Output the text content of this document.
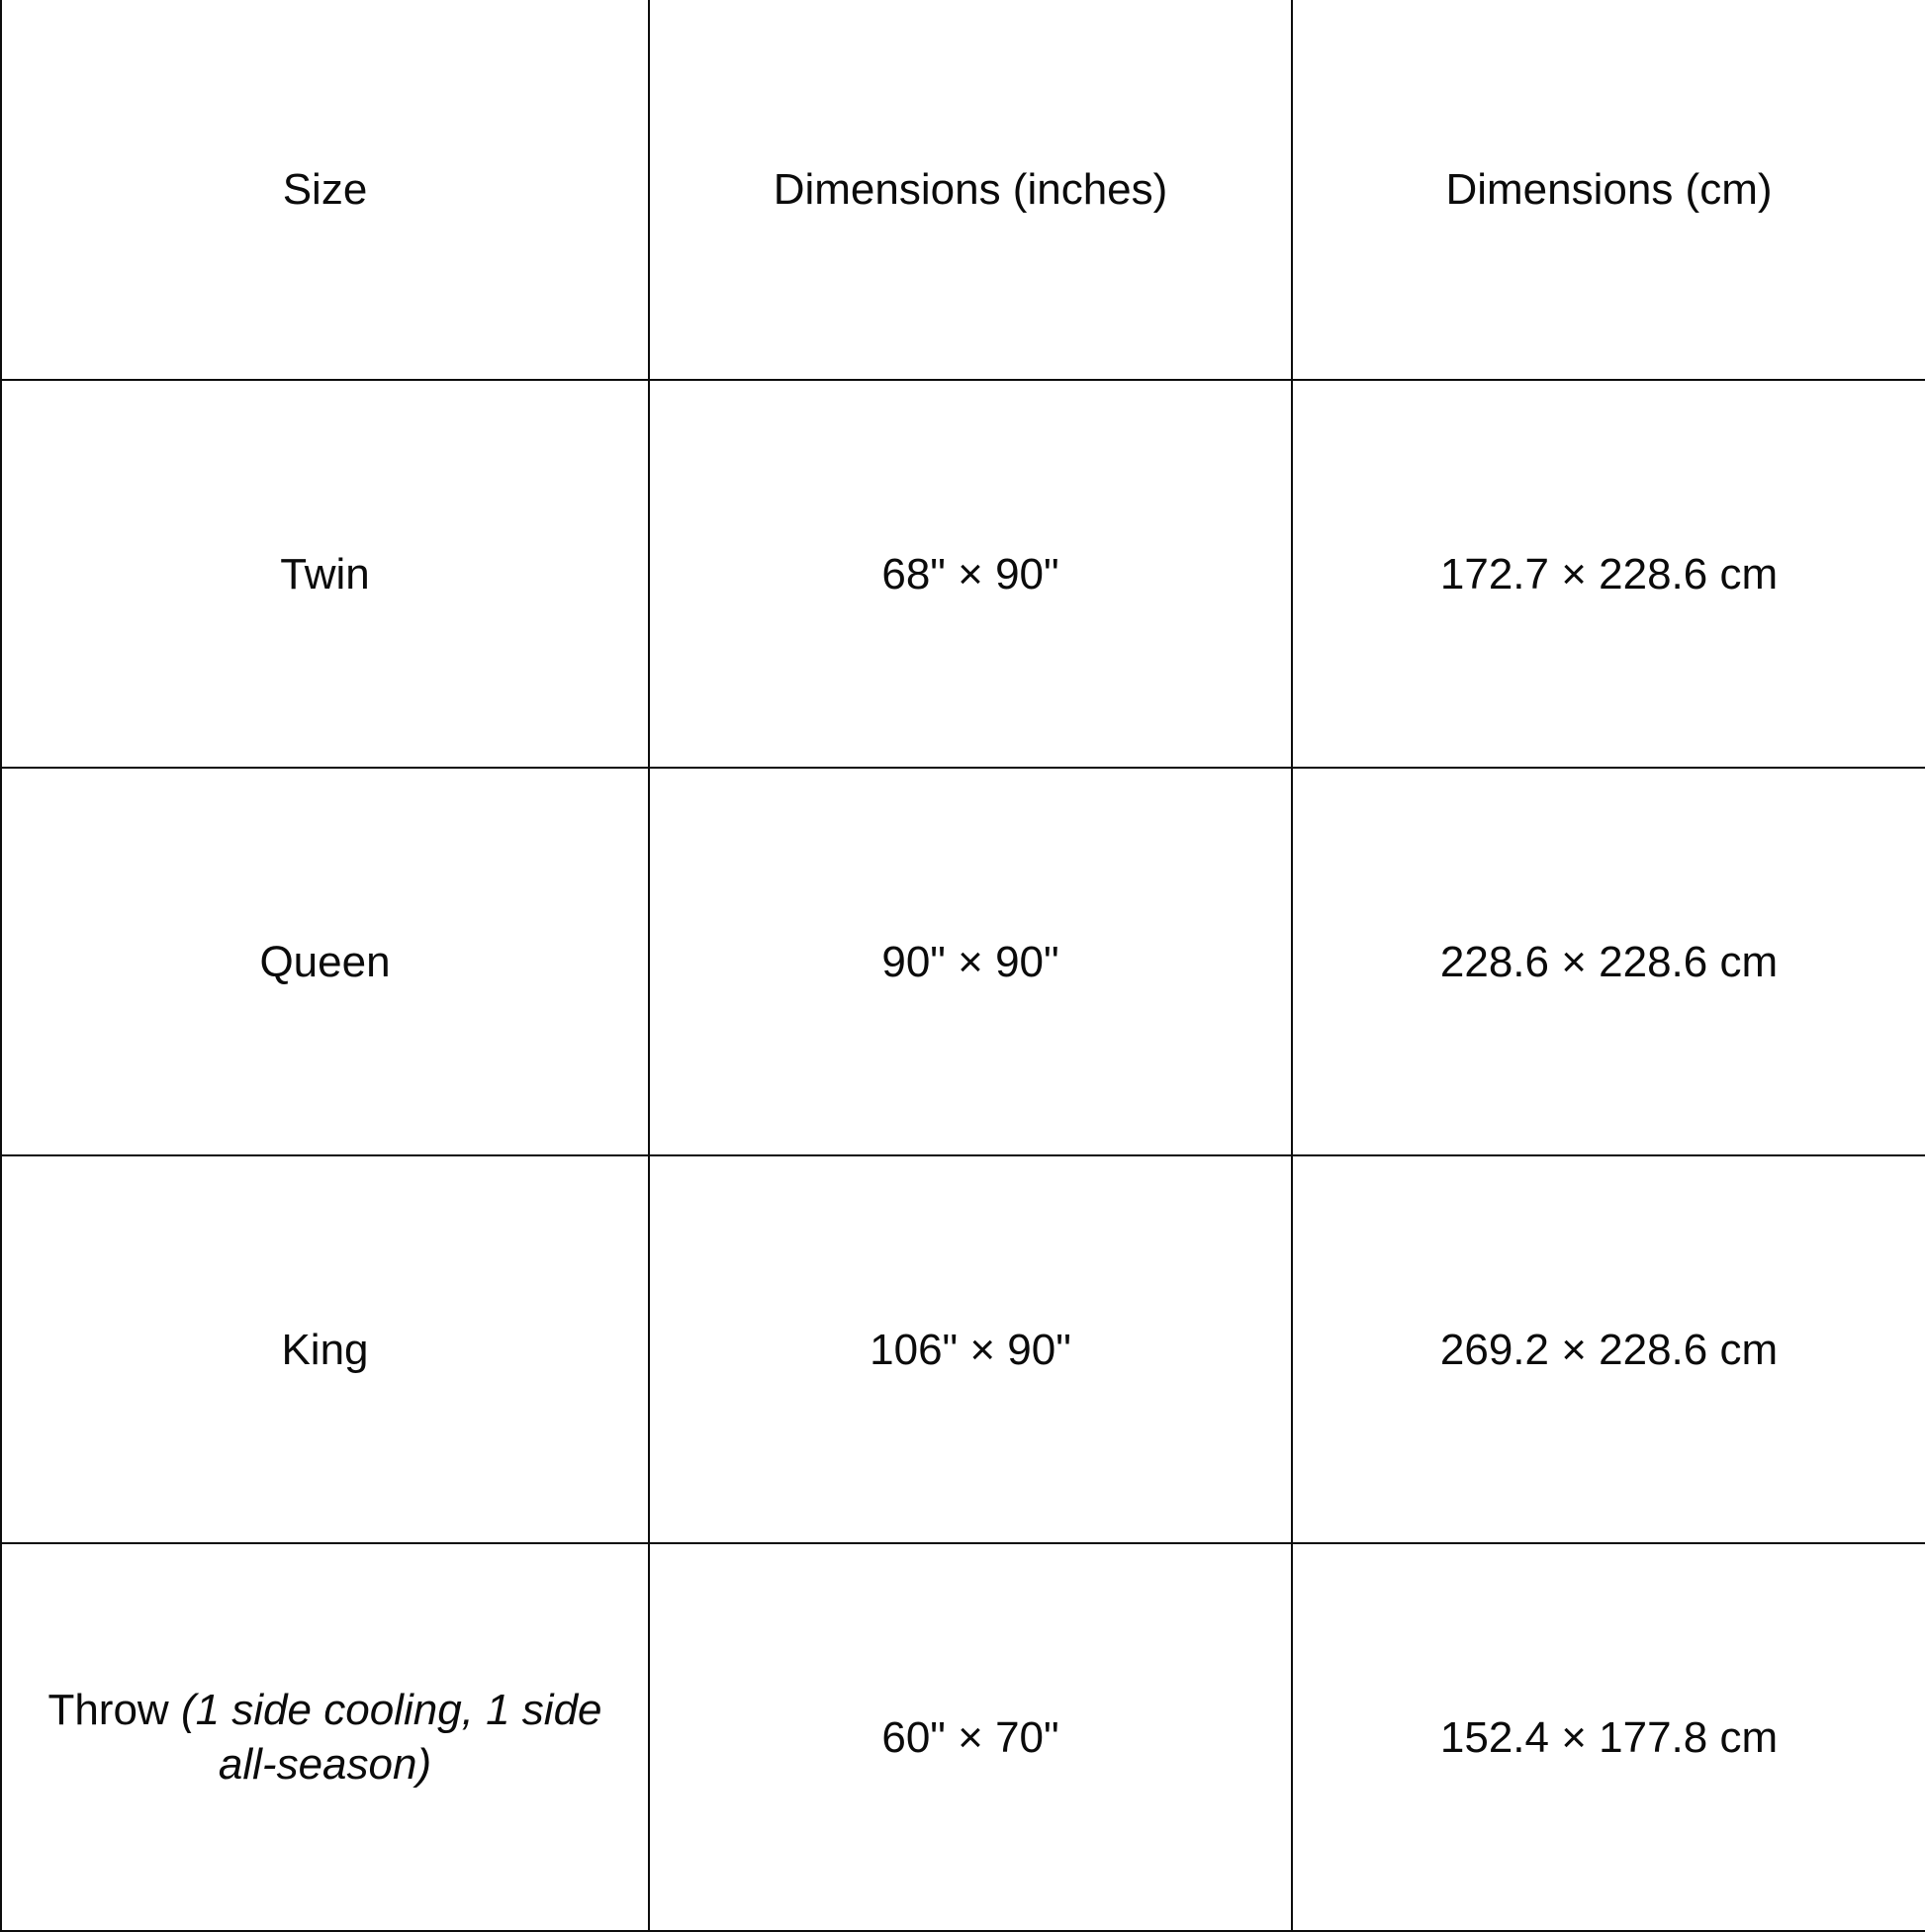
Size	Dimensions (inches)	Dimensions (cm)
Twin	68" × 90"	172.7 × 228.6 cm
Queen	90" × 90"	228.6 × 228.6 cm
King	106" × 90"	269.2 × 228.6 cm
Throw (1 side cooling, 1 side all-season)	60" × 70"	152.4 × 177.8 cm
